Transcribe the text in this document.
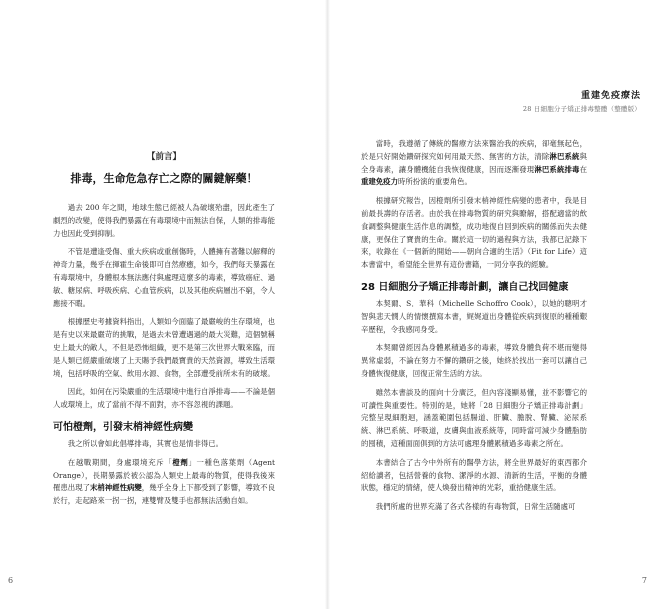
【前言】
排毒，生命危急存亡之際的關鍵解藥！

過去 200 年之間，地球生態已經被人為破壞殆盡，因此產生了劇烈的改變，使得我們暴露在有毒環境中而無法自保，人類的排毒能力也因此受到抑制。

不管是遭逢受傷、重大疾病或重創傷時，人體擁有著難以解釋的神奇力量，幾乎在揮霍生命後即可自然療癒，如今，我們每天暴露在有毒環境中，身體根本無法應付與處理這麼多的毒素，導致癌症、過敏、糖尿病、呼吸疾病、心血管疾病，以及其他疾病層出不窮，令人應接不暇。

根據歷史考據資料指出，人類如今面臨了最嚴峻的生存環境，也是有史以來最嚴苛的挑戰，是過去未曾遭遇過的最大災難，這個號稱史上最大的敵人，不但是恐怖組織，更不是第三次世界大戰來臨，而是人類已經嚴重破壞了上天賜予我們最寶貴的天然資源，導致生活環境，包括呼吸的空氣、飲用水源、食物，全部遭受前所未有的破壞。

因此，如何在污染嚴重的生活環境中進行自淨排毒——不論是個人或環境上，成了當前不得不面對，亦不容忽視的課題。

可怕橙劑，引發末梢神經性病變

我之所以會如此倡導排毒，其實也是情非得已。

在越戰期間，身處環境充斥「橙劑」一種色落葉劑（Agent Orange），長期暴露於被公認為人類史上最毒的物質，使得我後來罹患出現了末梢神經性病變，幾乎全身上下都受到了影響，導致不良於行，走起路來一拐一拐，連雙臂及雙手也都無法活動自如。

6
重建免疫療法
28 日細胞分子矯正排毒整體（整體版）

當時，我遵循了傳統的醫療方法來醫治我的疾病，卻毫無起色，於是只好開始鑽研探究如何用最天然、無害的方法，清除淋巴系統與全身毒素，讓身體機能自我恢復健康，因而逐漸發現淋巴系統排毒在重建免疫力時所扮演的重要角色。

根據研究報告，因橙劑所引發末梢神經性病變的患者中，我是目前最長壽的存活者。由於我在排毒物質的研究與瞭解，搭配適當的飲食調整與健康生活作息的調整，成功地復自回到疾病的關係而失去健康，更保住了寶貴的生命。關於這一切的過程與方法，我都已記錄下來，收錄在《一個新的開始——朝向合適的生活》（Fit for Life）這本書當中，希望能全世界有這份書籍，一同分享我的經驗。

28 日細胞分子矯正排毒計劃，讓自己找回健康

本契爾、S．華科（Michelle Schoffro Cook），以她的聰明才智與悲天憫人的情懷撰寫本書，娓娓道出身體從疾病到復原的種種艱辛歷程，令我感同身受。

本契爾曾經因為身體累積過多的毒素，導致身體負荷不堪而變得異常虛弱，不論在努力不懈的鑽研之後，她終於找出一套可以讓自己身體恢復健康，回復正常生活的方法。

雖然本書談及的面向十分廣泛，但內容淺顯易懂，並不影響它的可讀性與重要性。特別的是，她將「28 日細胞分子矯正排毒計劃」完整呈現細胞迴，涵蓋範圍包括腸道、肝臟、膽脫、腎臟、泌尿系統、淋巴系統、呼吸道，皮膚與血液系統等，同時當可減少身體脂肪的囤積，這種面面俱到的方法可處理身體累積過多毒素之所在。

本書結合了古今中外所有的醫學方法，將全世界最好的東西都介紹給讀者，包括營養的食物、潔淨的水源、清新的生活，平衡的身體狀態，穩定的情緒，使人煥發出精神的光彩，重拾健康生活。

我們所處的世界充滿了各式各樣的有毒物質，日常生活隨處可

7
